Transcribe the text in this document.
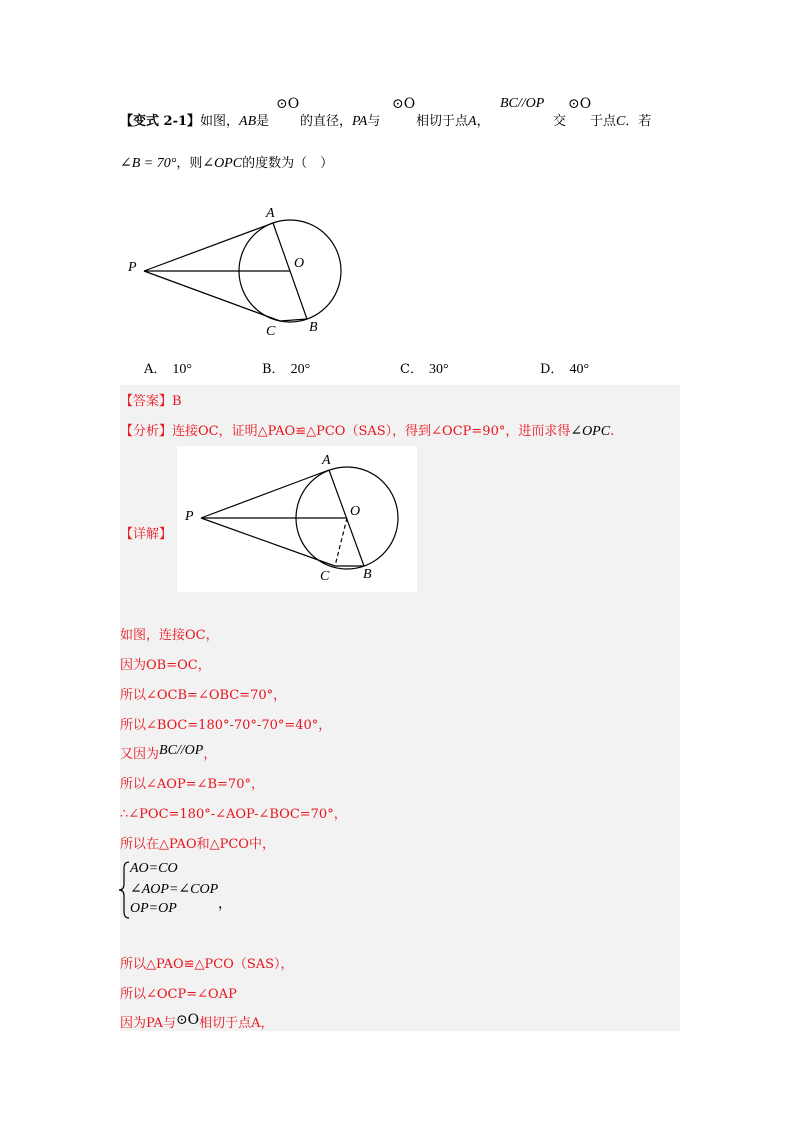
【变式 2-1】如图，AB是
⊙O
的直径，PA与
⊙O
相切于点A，
BC//OP
交
⊙O
于点C．若
∠B = 70°，则∠OPC的度数为（　）
A
B
C
O
P
A． 10°	B． 20°	C． 30°	D． 40°
【答案】B
【分析】连接OC，证明△PAO≌△PCO（SAS），得到∠OCP=90°，进而求得∠OPC.
【详解】
A
B
C
O
P
如图，连接OC，
因为OB=OC，
所以∠OCB=∠OBC=70°，
所以∠BOC=180°-70°-70°=40°，
又因为BC//OP，
所以∠AOP=∠B=70°，
∴∠POC=180°-∠AOP-∠BOC=70°，
所以在△PAO和△PCO中，
AO=CO
∠AOP=∠COP
OP=OP	，
所以△PAO≌△PCO（SAS），
所以∠OCP=∠OAP
因为PA与⊙O相切于点A，
